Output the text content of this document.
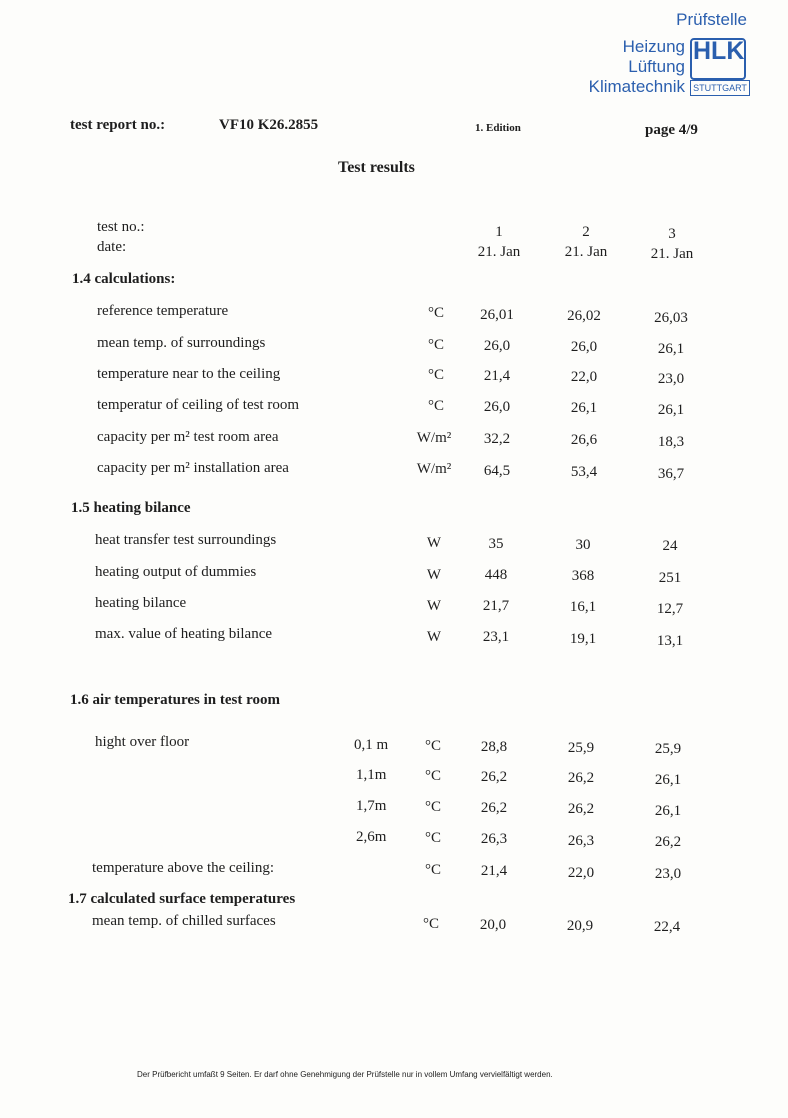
Prüfstelle
Heizung
Lüftung
Klimatechnik
HLK
STUTTGART
test report no.:	VF10 K26.2855	1. Edition	page 4/9
Test results
test no.:
date:
1	2	3
21. Jan	21. Jan	21. Jan
1.4 calculations:
reference temperature	°C	26,01	26,02	26,03
mean temp. of surroundings	°C	26,0	26,0	26,1
temperature near to the ceiling	°C	21,4	22,0	23,0
temperatur of ceiling of test room	°C	26,0	26,1	26,1
capacity per m² test room area	W/m²	32,2	26,6	18,3
capacity per m² installation area	W/m²	64,5	53,4	36,7
1.5 heating bilance
heat transfer test surroundings	W	35	30	24
heating output of dummies	W	448	368	251
heating bilance	W	21,7	16,1	12,7
max. value of heating bilance	W	23,1	19,1	13,1
1.6 air temperatures in test room
hight over floor	0,1 m	°C	28,8	25,9	25,9
1,1m	°C	26,2	26,2	26,1
1,7m	°C	26,2	26,2	26,1
2,6m	°C	26,3	26,3	26,2
temperature above the ceiling:	°C	21,4	22,0	23,0
1.7 calculated surface temperatures
mean temp. of chilled surfaces	°C	20,0	20,9	22,4
Der Prüfbericht umfaßt 9 Seiten. Er darf ohne Genehmigung der Prüfstelle nur in vollem Umfang vervielfältigt werden.
